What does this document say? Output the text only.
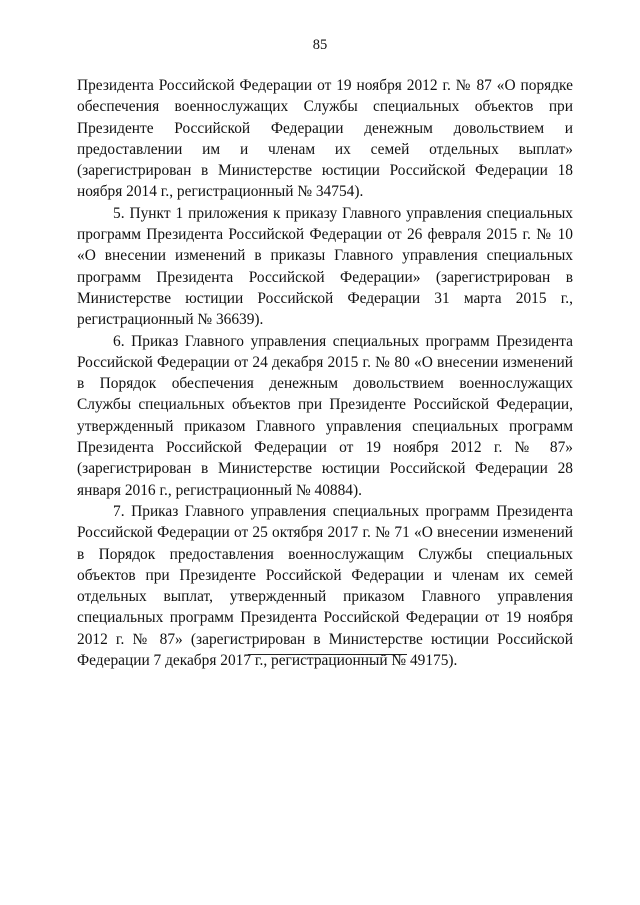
85

Президента Российской Федерации от 19 ноября 2012 г. № 87 «О порядке обеспечения военнослужащих Службы специальных объектов при Президенте Российской Федерации денежным довольствием и предоставлении им и членам их семей отдельных выплат» (зарегистрирован в Министерстве юстиции Российской Федерации 18 ноября 2014 г., регистрационный № 34754).

5. Пункт 1 приложения к приказу Главного управления специальных программ Президента Российской Федерации от 26 февраля 2015 г. № 10 «О внесении изменений в приказы Главного управления специальных программ Президента Российской Федерации» (зарегистрирован в Министерстве юстиции Российской Федерации 31 марта 2015 г., регистрационный № 36639).

6. Приказ Главного управления специальных программ Президента Российской Федерации от 24 декабря 2015 г. № 80 «О внесении изменений в Порядок обеспечения денежным довольствием военнослужащих Службы специальных объектов при Президенте Российской Федерации, утвержденный приказом Главного управления специальных программ Президента Российской Федерации от 19 ноября 2012 г. № 87» (зарегистрирован в Министерстве юстиции Российской Федерации 28 января 2016 г., регистрационный № 40884).

7. Приказ Главного управления специальных программ Президента Российской Федерации от 25 октября 2017 г. № 71 «О внесении изменений в Порядок предоставления военнослужащим Службы специальных объектов при Президенте Российской Федерации и членам их семей отдельных выплат, утвержденный приказом Главного управления специальных программ Президента Российской Федерации от 19 ноября 2012 г. № 87» (зарегистрирован в Министерстве юстиции Российской Федерации 7 декабря 2017 г., регистрационный № 49175).
